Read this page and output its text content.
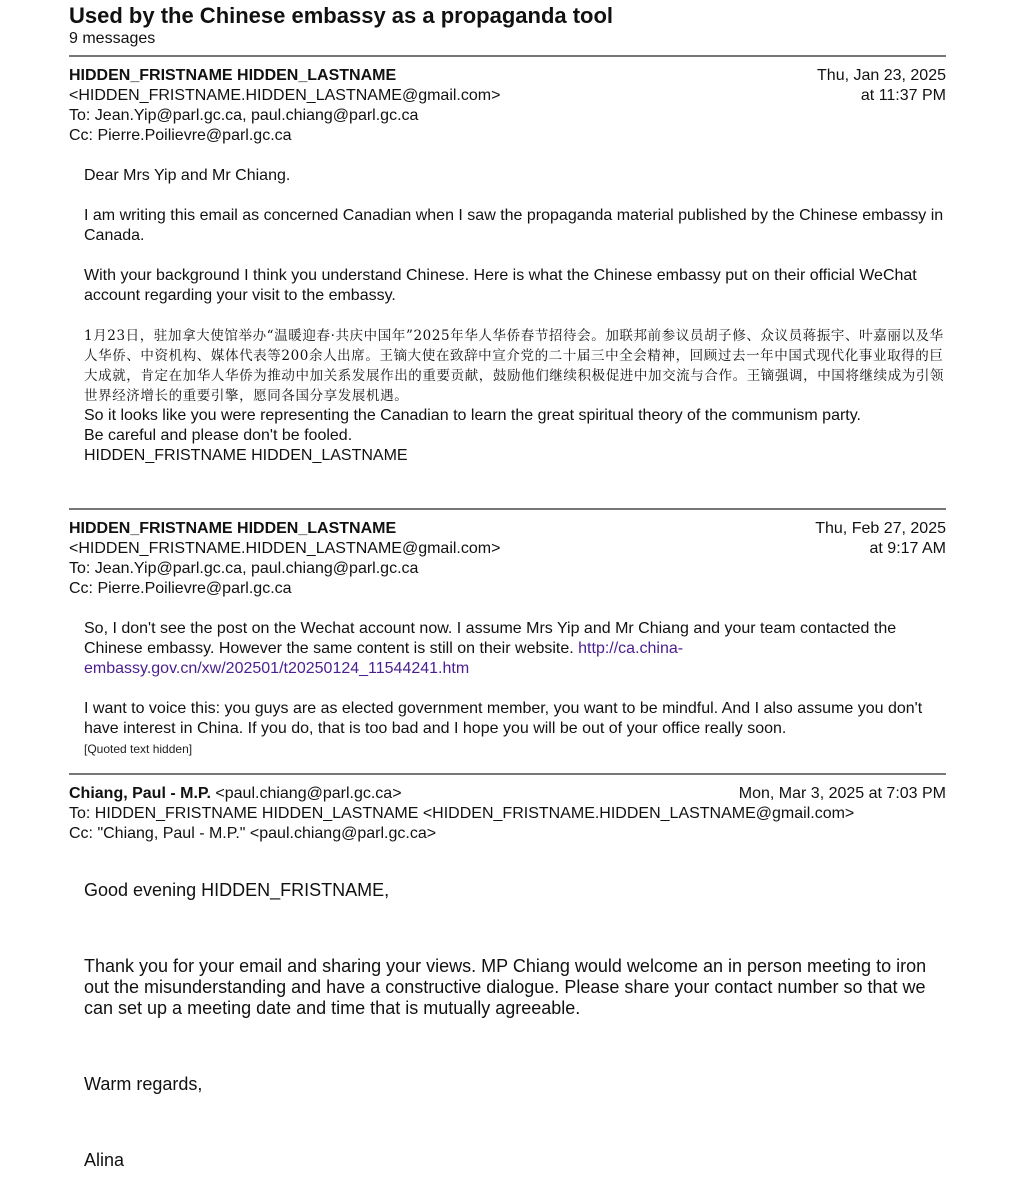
Used by the Chinese embassy as a propaganda tool
9 messages
HIDDEN_FRISTNAME HIDDEN_LASTNAME
<HIDDEN_FRISTNAME.HIDDEN_LASTNAME@gmail.com>
Thu, Jan 23, 2025
at 11:37 PM
To: Jean.Yip@parl.gc.ca, paul.chiang@parl.gc.ca
Cc: Pierre.Poilievre@parl.gc.ca

Dear Mrs Yip and Mr Chiang.

I am writing this email as concerned Canadian when I saw the propaganda material published by the Chinese embassy in Canada.

With your background I think you understand Chinese. Here is what the Chinese embassy put on their official WeChat account regarding your visit to the embassy.

1月23日，驻加拿大使馆举办“温暖迎春·共庆中国年”2025年华人华侨春节招待会。加联邦前参议员胡子修、众议员蒋振宇、叶嘉丽以及华人华侨、中资机构、媒体代表等200余人出席。王镝大使在致辞中宣介党的二十届三中全会精神，回顾过去一年中国式现代化事业取得的巨大成就，肯定在加华人华侨为推动中加关系发展作出的重要贡献，鼓励他们继续积极促进中加交流与合作。王镝强调，中国将继续成为引领世界经济增长的重要引擎，愿同各国分享发展机遇。

So it looks like you were representing the Canadian to learn the great spiritual theory of the communism party.

Be careful and please don't be fooled.

HIDDEN_FRISTNAME HIDDEN_LASTNAME

HIDDEN_FRISTNAME HIDDEN_LASTNAME
<HIDDEN_FRISTNAME.HIDDEN_LASTNAME@gmail.com>
Thu, Feb 27, 2025
at 9:17 AM
To: Jean.Yip@parl.gc.ca, paul.chiang@parl.gc.ca
Cc: Pierre.Poilievre@parl.gc.ca

So, I don't see the post on the Wechat account now. I assume Mrs Yip and Mr Chiang and your team contacted the Chinese embassy. However the same content is still on their website. http://ca.china-embassy.gov.cn/xw/202501/t20250124_11544241.htm

I want to voice this: you guys are as elected government member, you want to be mindful. And I also assume you don't have interest in China. If you do, that is too bad and I hope you will be out of your office really soon.

[Quoted text hidden]

Chiang, Paul - M.P. <paul.chiang@parl.gc.ca>	Mon, Mar 3, 2025 at 7:03 PM
To: HIDDEN_FRISTNAME HIDDEN_LASTNAME <HIDDEN_FRISTNAME.HIDDEN_LASTNAME@gmail.com>
Cc: "Chiang, Paul - M.P." <paul.chiang@parl.gc.ca>

Good evening HIDDEN_FRISTNAME,

Thank you for your email and sharing your views. MP Chiang would welcome an in person meeting to iron out the misunderstanding and have a constructive dialogue. Please share your contact number so that we can set up a meeting date and time that is mutually agreeable.

Warm regards,

Alina
